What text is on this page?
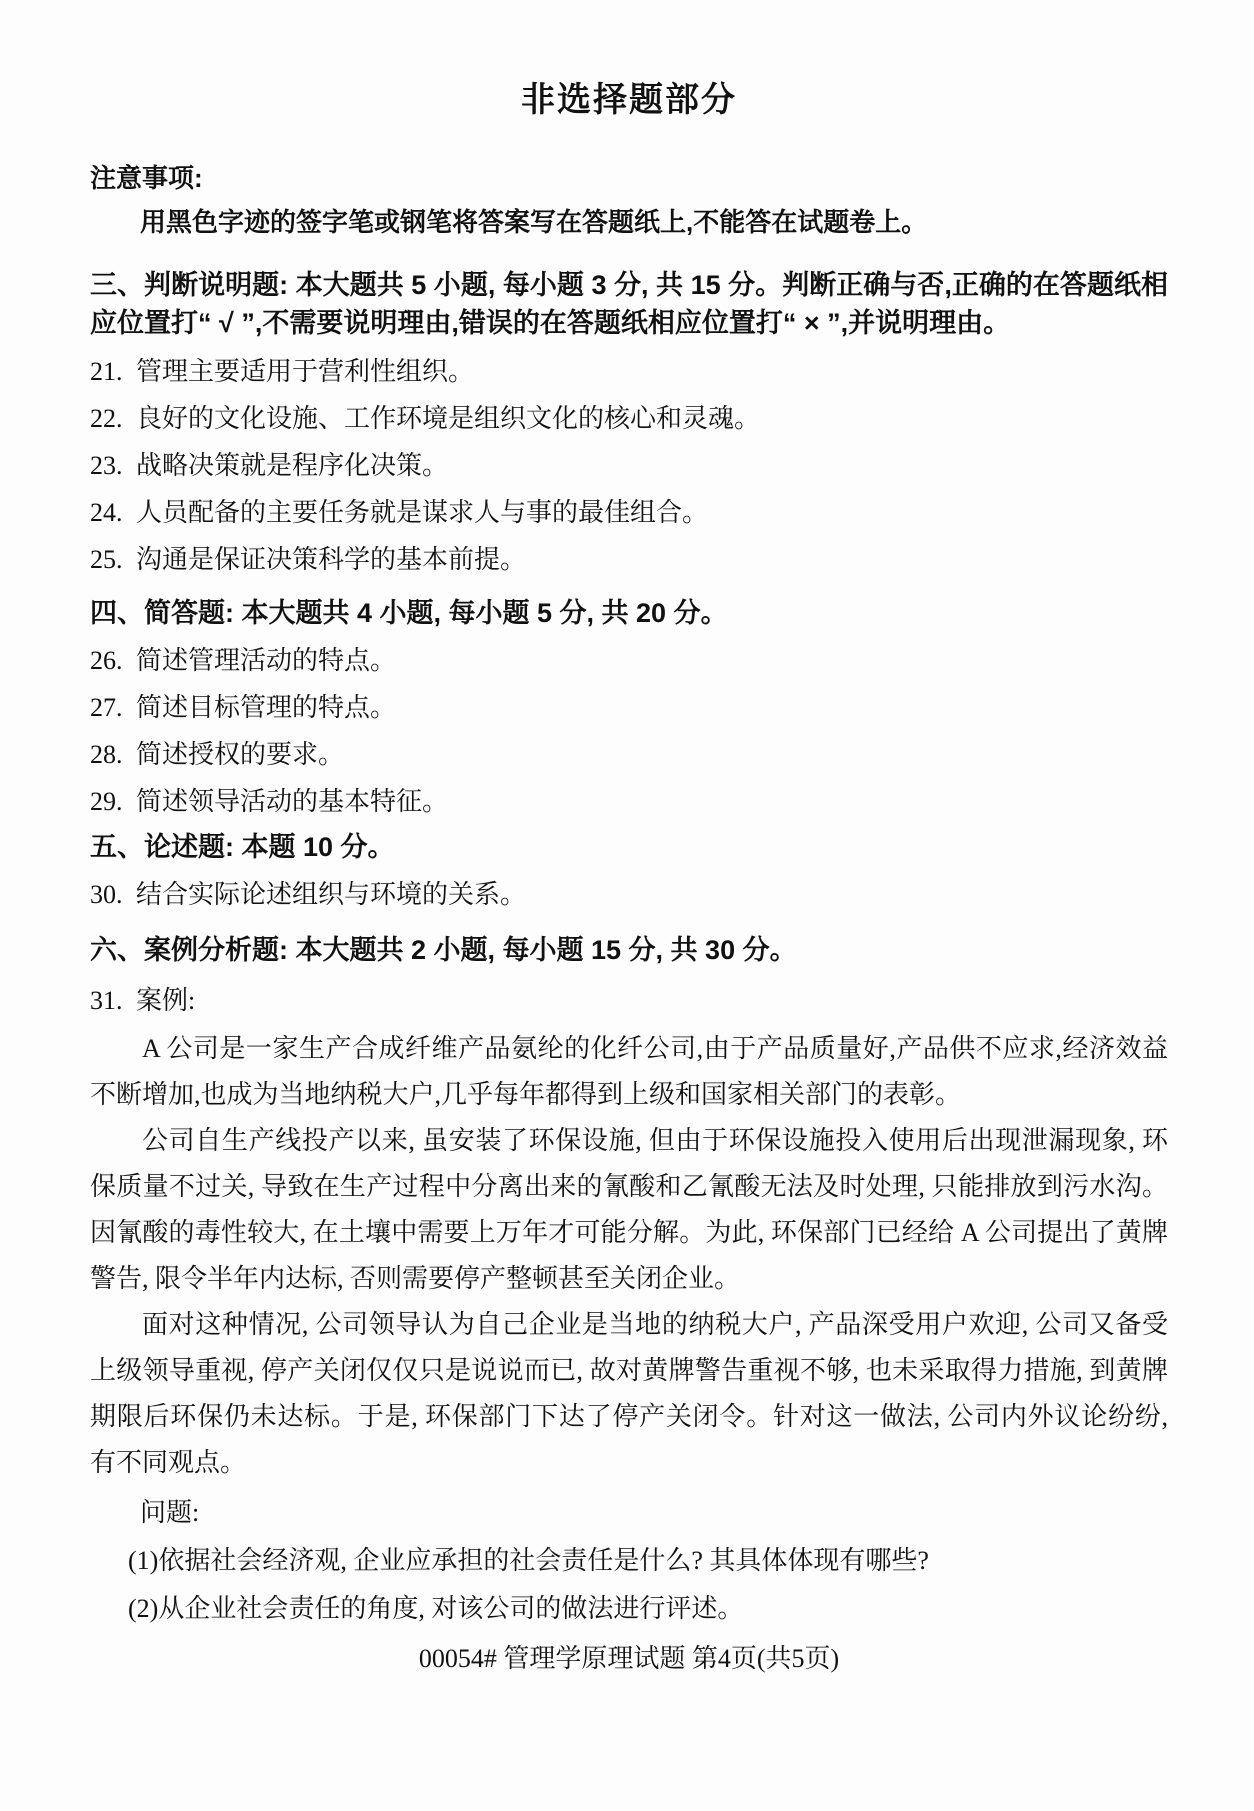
非选择题部分
注意事项:
用黑色字迹的签字笔或钢笔将答案写在答题纸上,不能答在试题卷上。
三、判断说明题: 本大题共 5 小题, 每小题 3 分, 共 15 分。判断正确与否,正确的在答题纸相应位置打“ √ ”,不需要说明理由,错误的在答题纸相应位置打“ × ”,并说明理由。
21. 管理主要适用于营利性组织。
22. 良好的文化设施、工作环境是组织文化的核心和灵魂。
23. 战略决策就是程序化决策。
24. 人员配备的主要任务就是谋求人与事的最佳组合。
25. 沟通是保证决策科学的基本前提。
四、简答题: 本大题共 4 小题, 每小题 5 分, 共 20 分。
26. 简述管理活动的特点。
27. 简述目标管理的特点。
28. 简述授权的要求。
29. 简述领导活动的基本特征。
五、论述题: 本题 10 分。
30. 结合实际论述组织与环境的关系。
六、案例分析题: 本大题共 2 小题, 每小题 15 分, 共 30 分。
31. 案例:

A 公司是一家生产合成纤维产品氨纶的化纤公司,由于产品质量好,产品供不应求,经济效益不断增加,也成为当地纳税大户,几乎每年都得到上级和国家相关部门的表彰。

公司自生产线投产以来, 虽安装了环保设施, 但由于环保设施投入使用后出现泄漏现象, 环保质量不过关, 导致在生产过程中分离出来的氰酸和乙氰酸无法及时处理, 只能排放到污水沟。因氰酸的毒性较大, 在土壤中需要上万年才可能分解。为此, 环保部门已经给 A 公司提出了黄牌警告, 限令半年内达标, 否则需要停产整顿甚至关闭企业。

面对这种情况, 公司领导认为自己企业是当地的纳税大户, 产品深受用户欢迎, 公司又备受上级领导重视, 停产关闭仅仅只是说说而已, 故对黄牌警告重视不够, 也未采取得力措施, 到黄牌期限后环保仍未达标。于是, 环保部门下达了停产关闭令。针对这一做法, 公司内外议论纷纷, 有不同观点。

问题:
(1)依据社会经济观, 企业应承担的社会责任是什么? 其具体体现有哪些?
(2)从企业社会责任的角度, 对该公司的做法进行评述。
00054# 管理学原理试题 第4页(共5页)
